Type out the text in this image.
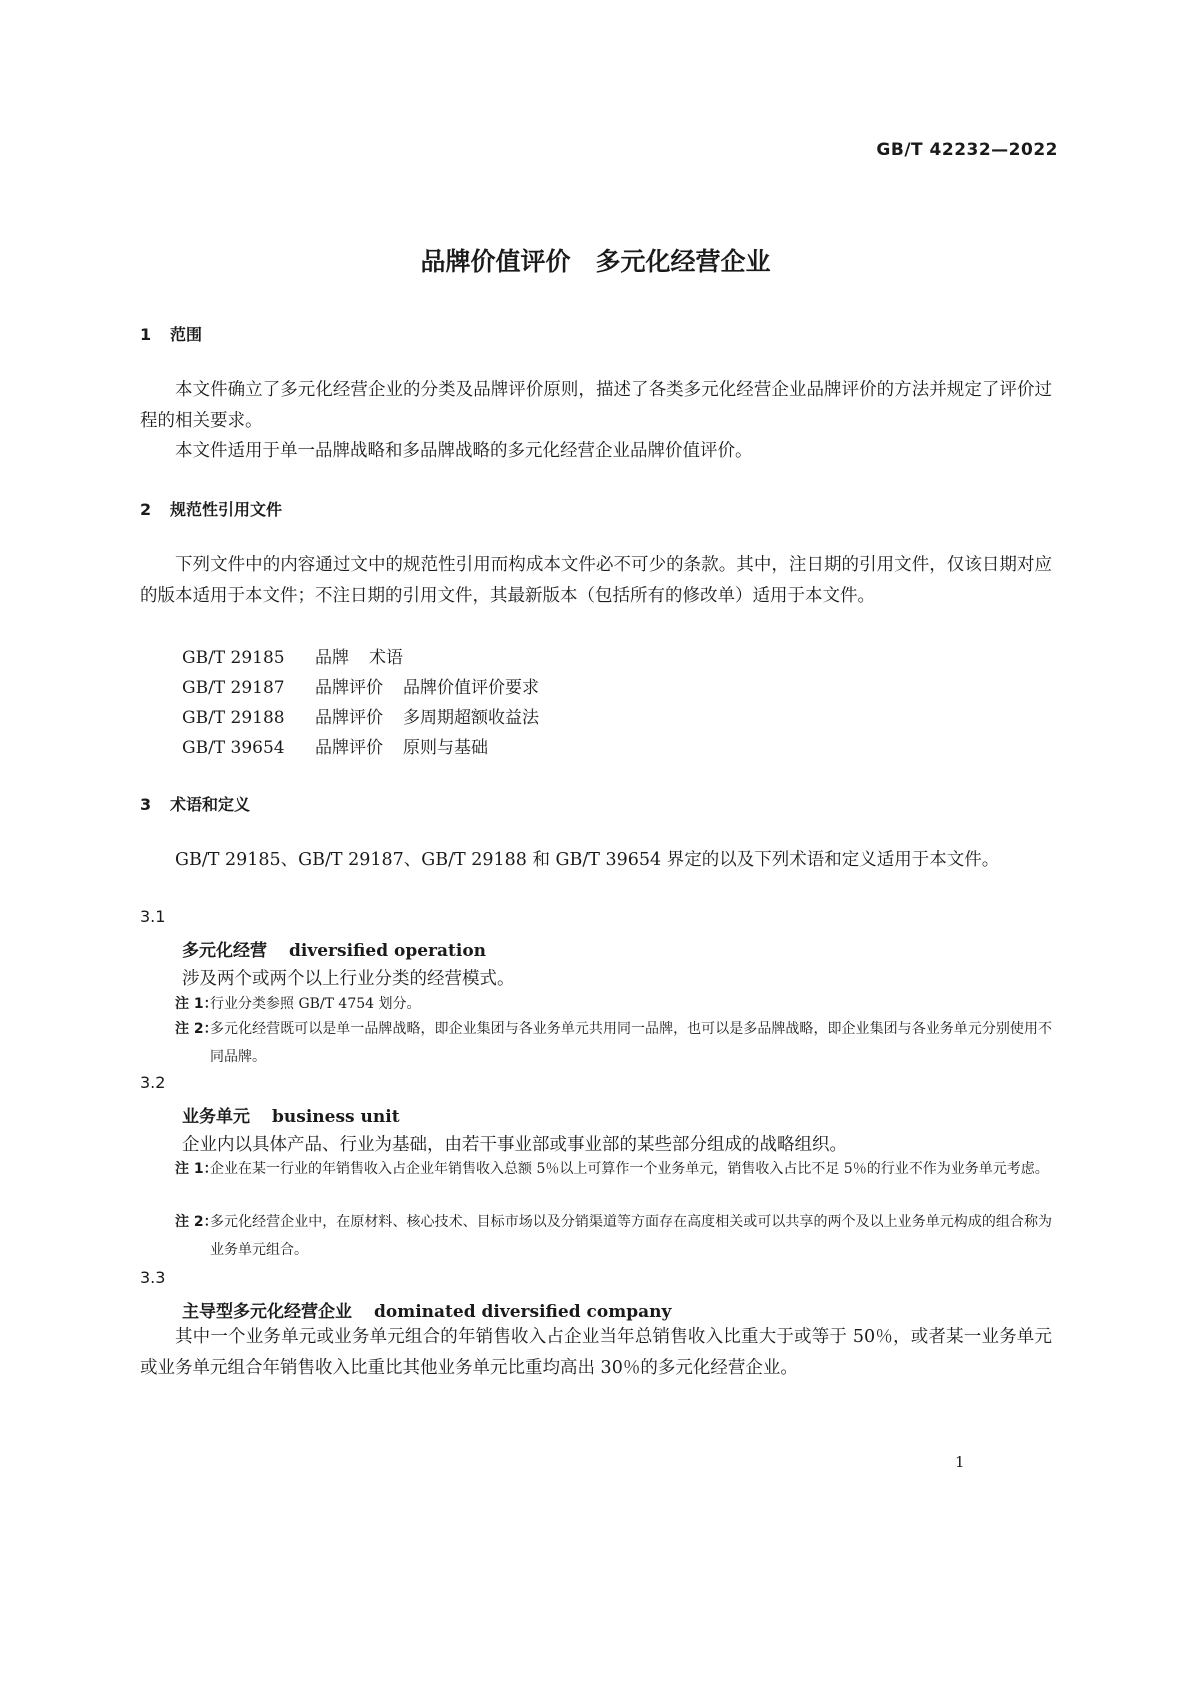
GB/T 42232—2022
品牌价值评价　多元化经营企业
1 范围
本文件确立了多元化经营企业的分类及品牌评价原则，描述了各类多元化经营企业品牌评价的方法并规定了评价过程的相关要求。
本文件适用于单一品牌战略和多品牌战略的多元化经营企业品牌价值评价。
2 规范性引用文件
下列文件中的内容通过文中的规范性引用而构成本文件必不可少的条款。其中，注日期的引用文件，仅该日期对应的版本适用于本文件；不注日期的引用文件，其最新版本（包括所有的修改单）适用于本文件。
GB/T 29185 品牌 术语
GB/T 29187 品牌评价 品牌价值评价要求
GB/T 29188 品牌评价 多周期超额收益法
GB/T 39654 品牌评价 原则与基础
3 术语和定义
GB/T 29185、GB/T 29187、GB/T 29188 和 GB/T 39654 界定的以及下列术语和定义适用于本文件。
3.1
多元化经营 diversified operation
涉及两个或两个以上行业分类的经营模式。
注 1：
行业分类参照 GB/T 4754 划分。
注 2：
多元化经营既可以是单一品牌战略，即企业集团与各业务单元共用同一品牌，也可以是多品牌战略，即企业集团与各业务单元分别使用不同品牌。
3.2
业务单元 business unit
企业内以具体产品、行业为基础，由若干事业部或事业部的某些部分组成的战略组织。
注 1：
企业在某一行业的年销售收入占企业年销售收入总额 5％以上可算作一个业务单元，销售收入占比不足 5％的行业不作为业务单元考虑。
注 2：
多元化经营企业中，在原材料、核心技术、目标市场以及分销渠道等方面存在高度相关或可以共享的两个及以上业务单元构成的组合称为业务单元组合。
3.3
主导型多元化经营企业 dominated diversified company
其中一个业务单元或业务单元组合的年销售收入占企业当年总销售收入比重大于或等于 50％，或者某一业务单元或业务单元组合年销售收入比重比其他业务单元比重均高出 30％的多元化经营企业。
1
